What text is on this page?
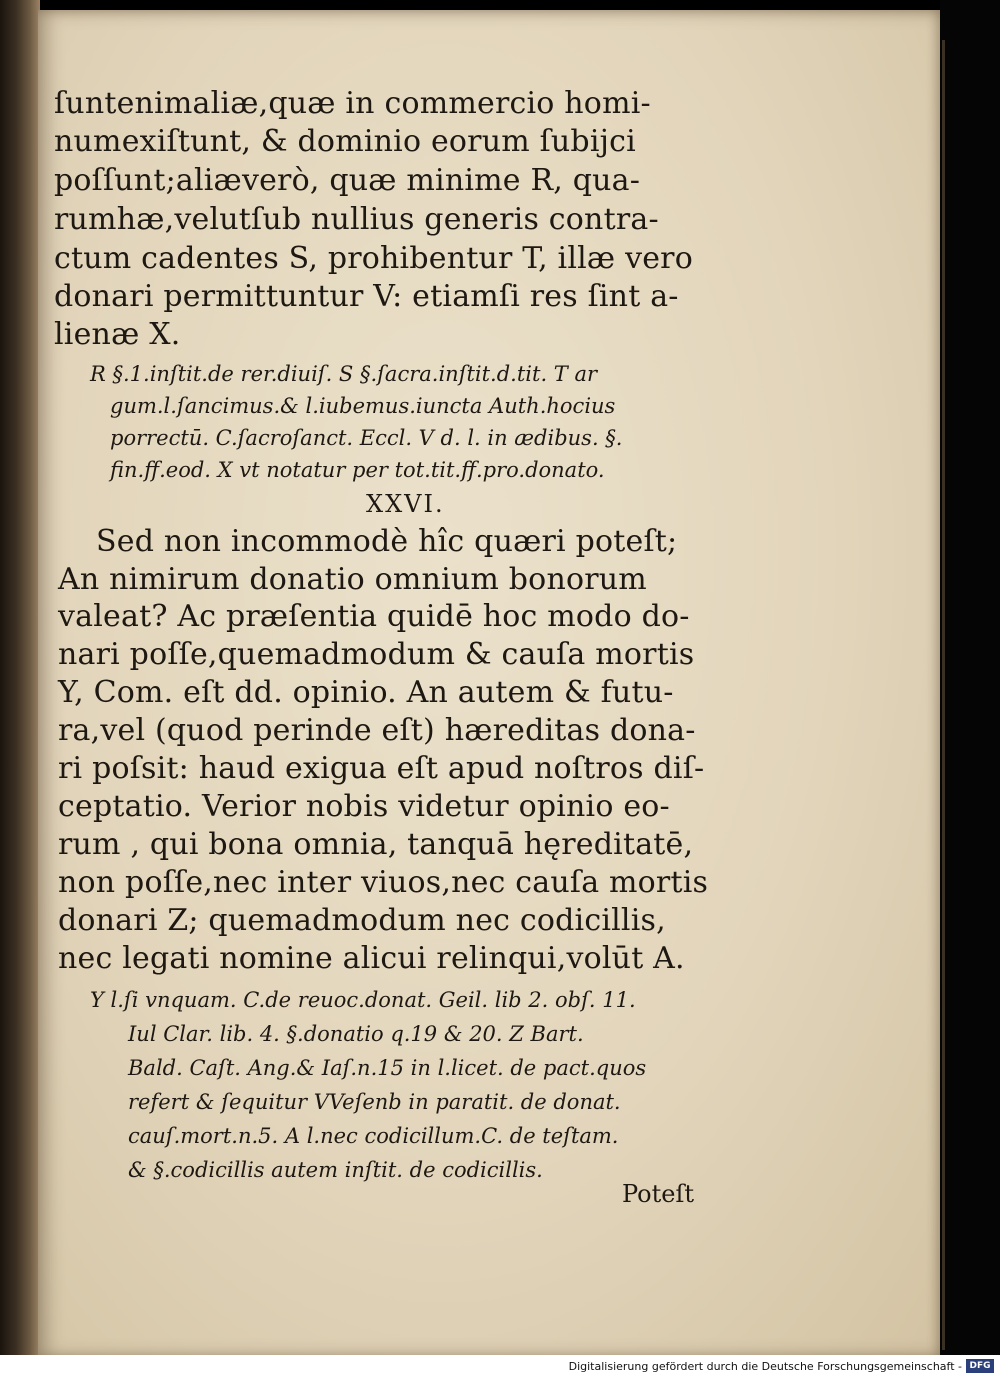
ſuntenimaliæ,quæ in commercio homi-
numexiſtunt, & dominio eorum ſubijci
poſſunt;aliæverò, quæ minime R, qua-
rumhæ,velutſub nullius generis contra-
ctum cadentes S, prohibentur T, illæ vero
donari permittuntur V: etiamſi res ſint a-
lienæ X.
R §.1.inſtit.de rer.diuiſ. S §.ſacra.inſtit.d.tit. T ar
gum.l.ſancimus.& l.iubemus.iuncta Auth.hocius
porrectū. C.ſacroſanct. Eccl. V d. l. in ædibus. §.
fin.ff.eod. X vt notatur per tot.tit.ff.pro.donato.
XXVI.
Sed non incommodè hîc quæri poteſt;
An nimirum donatio omnium bonorum
valeat? Ac præſentia quidē hoc modo do-
nari poſſe,quemadmodum & cauſa mortis
Y, Com. eſt dd. opinio. An autem & futu-
ra,vel (quod perinde eſt) hæreditas dona-
ri poſsit: haud exigua eſt apud noſtros diſ-
ceptatio. Verior nobis videtur opinio eo-
rum , qui bona omnia, tanquā hęreditatē,
non poſſe,nec inter viuos,nec cauſa mortis
donari Z; quemadmodum nec codicillis,
nec legati nomine alicui relinqui,volūt A.
Y l.ſi vnquam. C.de reuoc.donat. Geil. lib 2. obſ. 11.
Iul Clar. lib. 4. §.donatio q.19 & 20. Z Bart.
Bald. Caſt. Ang.& Iaſ.n.15 in l.licet. de pact.quos
refert & ſequitur VVeſenb in paratit. de donat.
cauſ.mort.n.5. A l.nec codicillum.C. de teſtam.
& §.codicillis autem inſtit. de codicillis.
Poteſt
Digitalisierung gefördert durch die Deutsche Forschungsgemeinschaft - DFG
